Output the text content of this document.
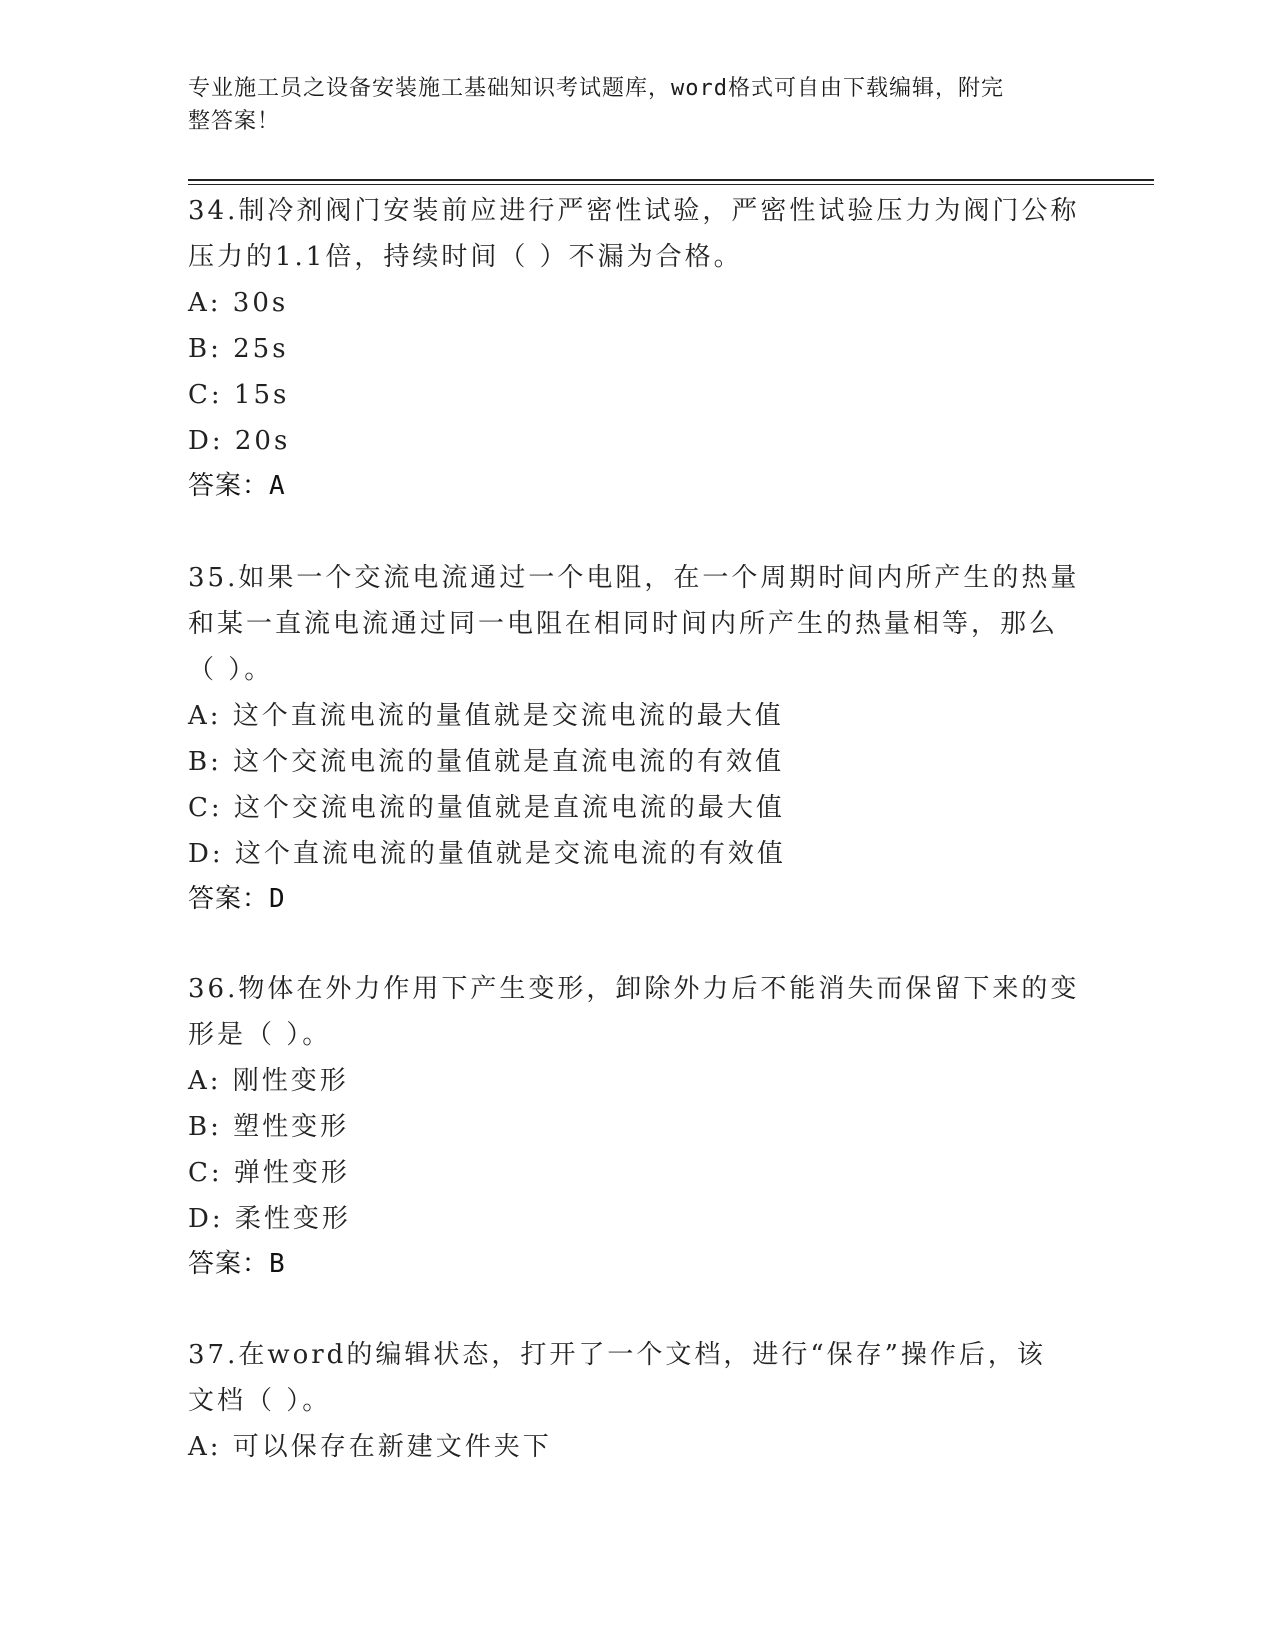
专业施工员之设备安装施工基础知识考试题库，word格式可自由下载编辑，附完
整答案！

34.制冷剂阀门安装前应进行严密性试验，严密性试验压力为阀门公称

压力的1.1倍，持续时间（ ）不漏为合格。

A: 30s

B: 25s

C: 15s

D: 20s

答案：A

35.如果一个交流电流通过一个电阻，在一个周期时间内所产生的热量

和某一直流电流通过同一电阻在相同时间内所产生的热量相等，那么

（ ）。

A: 这个直流电流的量值就是交流电流的最大值

B: 这个交流电流的量值就是直流电流的有效值

C: 这个交流电流的量值就是直流电流的最大值

D: 这个直流电流的量值就是交流电流的有效值

答案：D

36.物体在外力作用下产生变形，卸除外力后不能消失而保留下来的变

形是（ ）。

A: 刚性变形

B: 塑性变形

C: 弹性变形

D: 柔性变形

答案：B

37.在word的编辑状态，打开了一个文档，进行“保存”操作后，该

文档（ ）。

A: 可以保存在新建文件夹下
